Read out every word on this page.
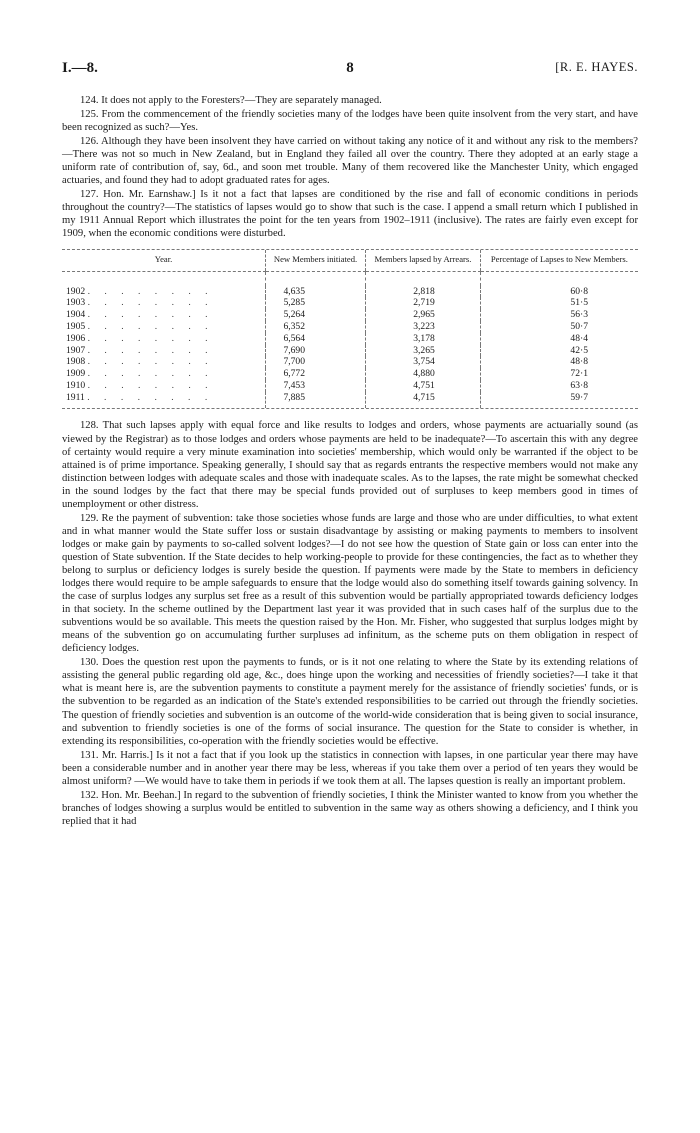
I.—8.	8	[R. E. HAYES.

124. It does not apply to the Foresters?—They are separately managed.

125. From the commencement of the friendly societies many of the lodges have been quite insolvent from the very start, and have been recognized as such?—Yes.

126. Although they have been insolvent they have carried on without taking any notice of it and without any risk to the members?—There was not so much in New Zealand, but in England they failed all over the country. There they adopted at an early stage a uniform rate of contribution of, say, 6d., and soon met trouble. Many of them recovered like the Manchester Unity, which engaged actuaries, and found they had to adopt graduated rates for ages.

127. Hon. Mr. Earnshaw.] Is it not a fact that lapses are conditioned by the rise and fall of economic conditions in periods throughout the country?—The statistics of lapses would go to show that such is the case. I append a small return which I published in my 1911 Annual Report which illustrates the point for the ten years from 1902–1911 (inclusive). The rates are fairly even except for 1909, when the economic conditions were disturbed.

Year.	New Members initiated.	Members lapsed by Arrears.	Percentage of Lapses to New Members.

1902 . . . . . . . .	4,635	2,818	60·8
1903 . . . . . . . .	5,285	2,719	51·5
1904 . . . . . . . .	5,264	2,965	56·3
1905 . . . . . . . .	6,352	3,223	50·7
1906 . . . . . . . .	6,564	3,178	48·4
1907 . . . . . . . .	7,690	3,265	42·5
1908 . . . . . . . .	7,700	3,754	48·8
1909 . . . . . . . .	6,772	4,880	72·1
1910 . . . . . . . .	7,453	4,751	63·8
1911 . . . . . . . .	7,885	4,715	59·7

128. That such lapses apply with equal force and like results to lodges and orders, whose payments are actuarially sound (as viewed by the Registrar) as to those lodges and orders whose payments are held to be inadequate?—To ascertain this with any degree of certainty would require a very minute examination into societies' membership, which would only be warranted if the object to be attained is of prime importance. Speaking generally, I should say that as regards entrants the respective members would not make any distinction between lodges with adequate scales and those with inadequate scales. As to the lapses, the rate might be somewhat checked in the sound lodges by the fact that there may be special funds provided out of surpluses to keep members good in times of unemployment or other distress.

129. Re the payment of subvention: take those societies whose funds are large and those who are under difficulties, to what extent and in what manner would the State suffer loss or sustain disadvantage by assisting or making payments to members to insolvent lodges or make gain by payments to so-called solvent lodges?—I do not see how the question of State gain or loss can enter into the question of State subvention. If the State decides to help working-people to provide for these contingencies, the fact as to whether they belong to surplus or deficiency lodges is surely beside the question. If payments were made by the State to members in deficiency lodges there would require to be ample safeguards to ensure that the lodge would also do something itself towards gaining solvency. In the case of surplus lodges any surplus set free as a result of this subvention would be partially appropriated towards deficiency lodges in that society. In the scheme outlined by the Department last year it was provided that in such cases half of the surplus due to the subventions would be so available. This meets the question raised by the Hon. Mr. Fisher, who suggested that surplus lodges might by means of the subvention go on accumulating further surpluses ad infinitum, as the scheme puts on them obligation in respect of deficiency lodges.

130. Does the question rest upon the payments to funds, or is it not one relating to where the State by its extending relations of assisting the general public regarding old age, &c., does hinge upon the working and necessities of friendly societies?—I take it that what is meant here is, are the subvention payments to constitute a payment merely for the assistance of friendly societies' funds, or is the subvention to be regarded as an indication of the State's extended responsibilities to be carried out through the friendly societies. The question of friendly societies and subvention is an outcome of the world-wide consideration that is being given to social insurance, and subvention to friendly societies is one of the forms of social insurance. The question for the State to consider is whether, in extending its responsibilities, co-operation with the friendly societies would be effective.

131. Mr. Harris.] Is it not a fact that if you look up the statistics in connection with lapses, in one particular year there may have been a considerable number and in another year there may be less, whereas if you take them over a period of ten years they would be almost uniform? —We would have to take them in periods if we took them at all. The lapses question is really an important problem.

132. Hon. Mr. Beehan.] In regard to the subvention of friendly societies, I think the Minister wanted to know from you whether the branches of lodges showing a surplus would be entitled to subvention in the same way as others showing a deficiency, and I think you replied that it had
